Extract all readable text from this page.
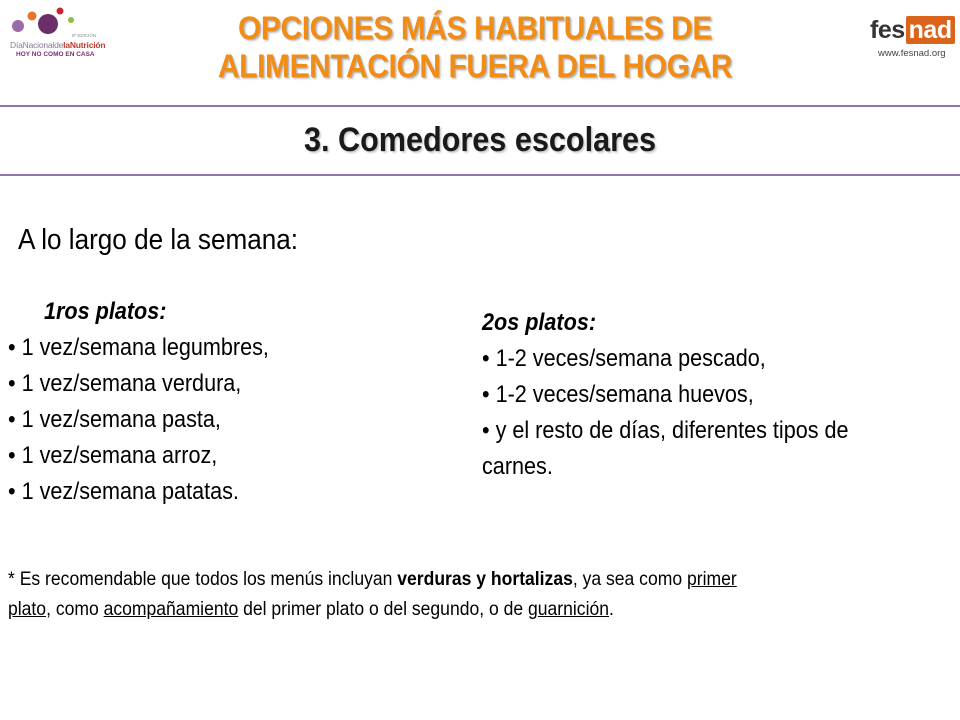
8ª EDICIÓN
DíaNacionaldelaNutrición
HOY NO COMO EN CASA
OPCIONES MÁS HABITUALES DE
ALIMENTACIÓN FUERA DEL HOGAR
fes nad
www.fesnad.org
3. Comedores escolares
A lo largo de la semana:
1ros platos:
• 1 vez/semana legumbres,
• 1 vez/semana verdura,
• 1 vez/semana pasta,
• 1 vez/semana arroz,
• 1 vez/semana patatas.
2os platos:
• 1-2 veces/semana pescado,
• 1-2 veces/semana huevos,
• y el resto de días, diferentes tipos de
carnes.
* Es recomendable que todos los menús incluyan verduras y hortalizas, ya sea como primer
plato, como acompañamiento del primer plato o del segundo, o de guarnición.
